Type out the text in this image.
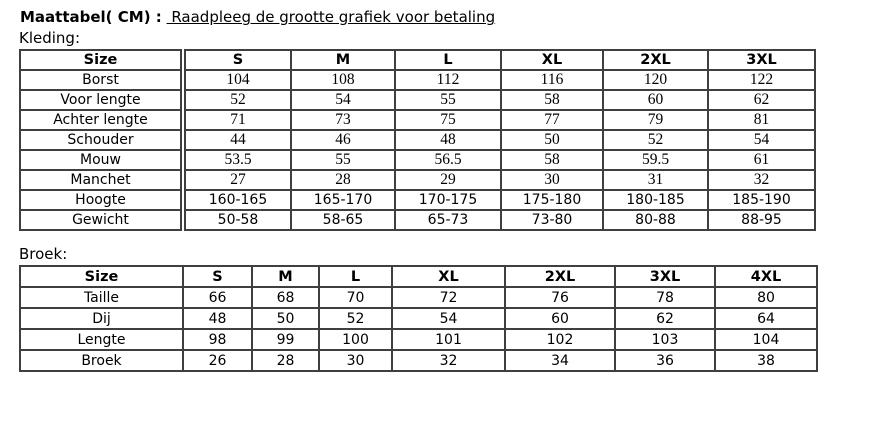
Maattabel( CM) :  Raadpleeg de grootte grafiek voor betaling

Kleding:

Size	S	M	L	XL	2XL	3XL
Borst	104	108	112	116	120	122
Voor lengte	52	54	55	58	60	62
Achter lengte	71	73	75	77	79	81
Schouder	44	46	48	50	52	54
Mouw	53.5	55	56.5	58	59.5	61
Manchet	27	28	29	30	31	32
Hoogte	160-165	165-170	170-175	175-180	180-185	185-190
Gewicht	50-58	58-65	65-73	73-80	80-88	88-95

Broek:

Size	S	M	L	XL	2XL	3XL	4XL
Taille	66	68	70	72	76	78	80
Dij	48	50	52	54	60	62	64
Lengte	98	99	100	101	102	103	104
Broek	26	28	30	32	34	36	38
